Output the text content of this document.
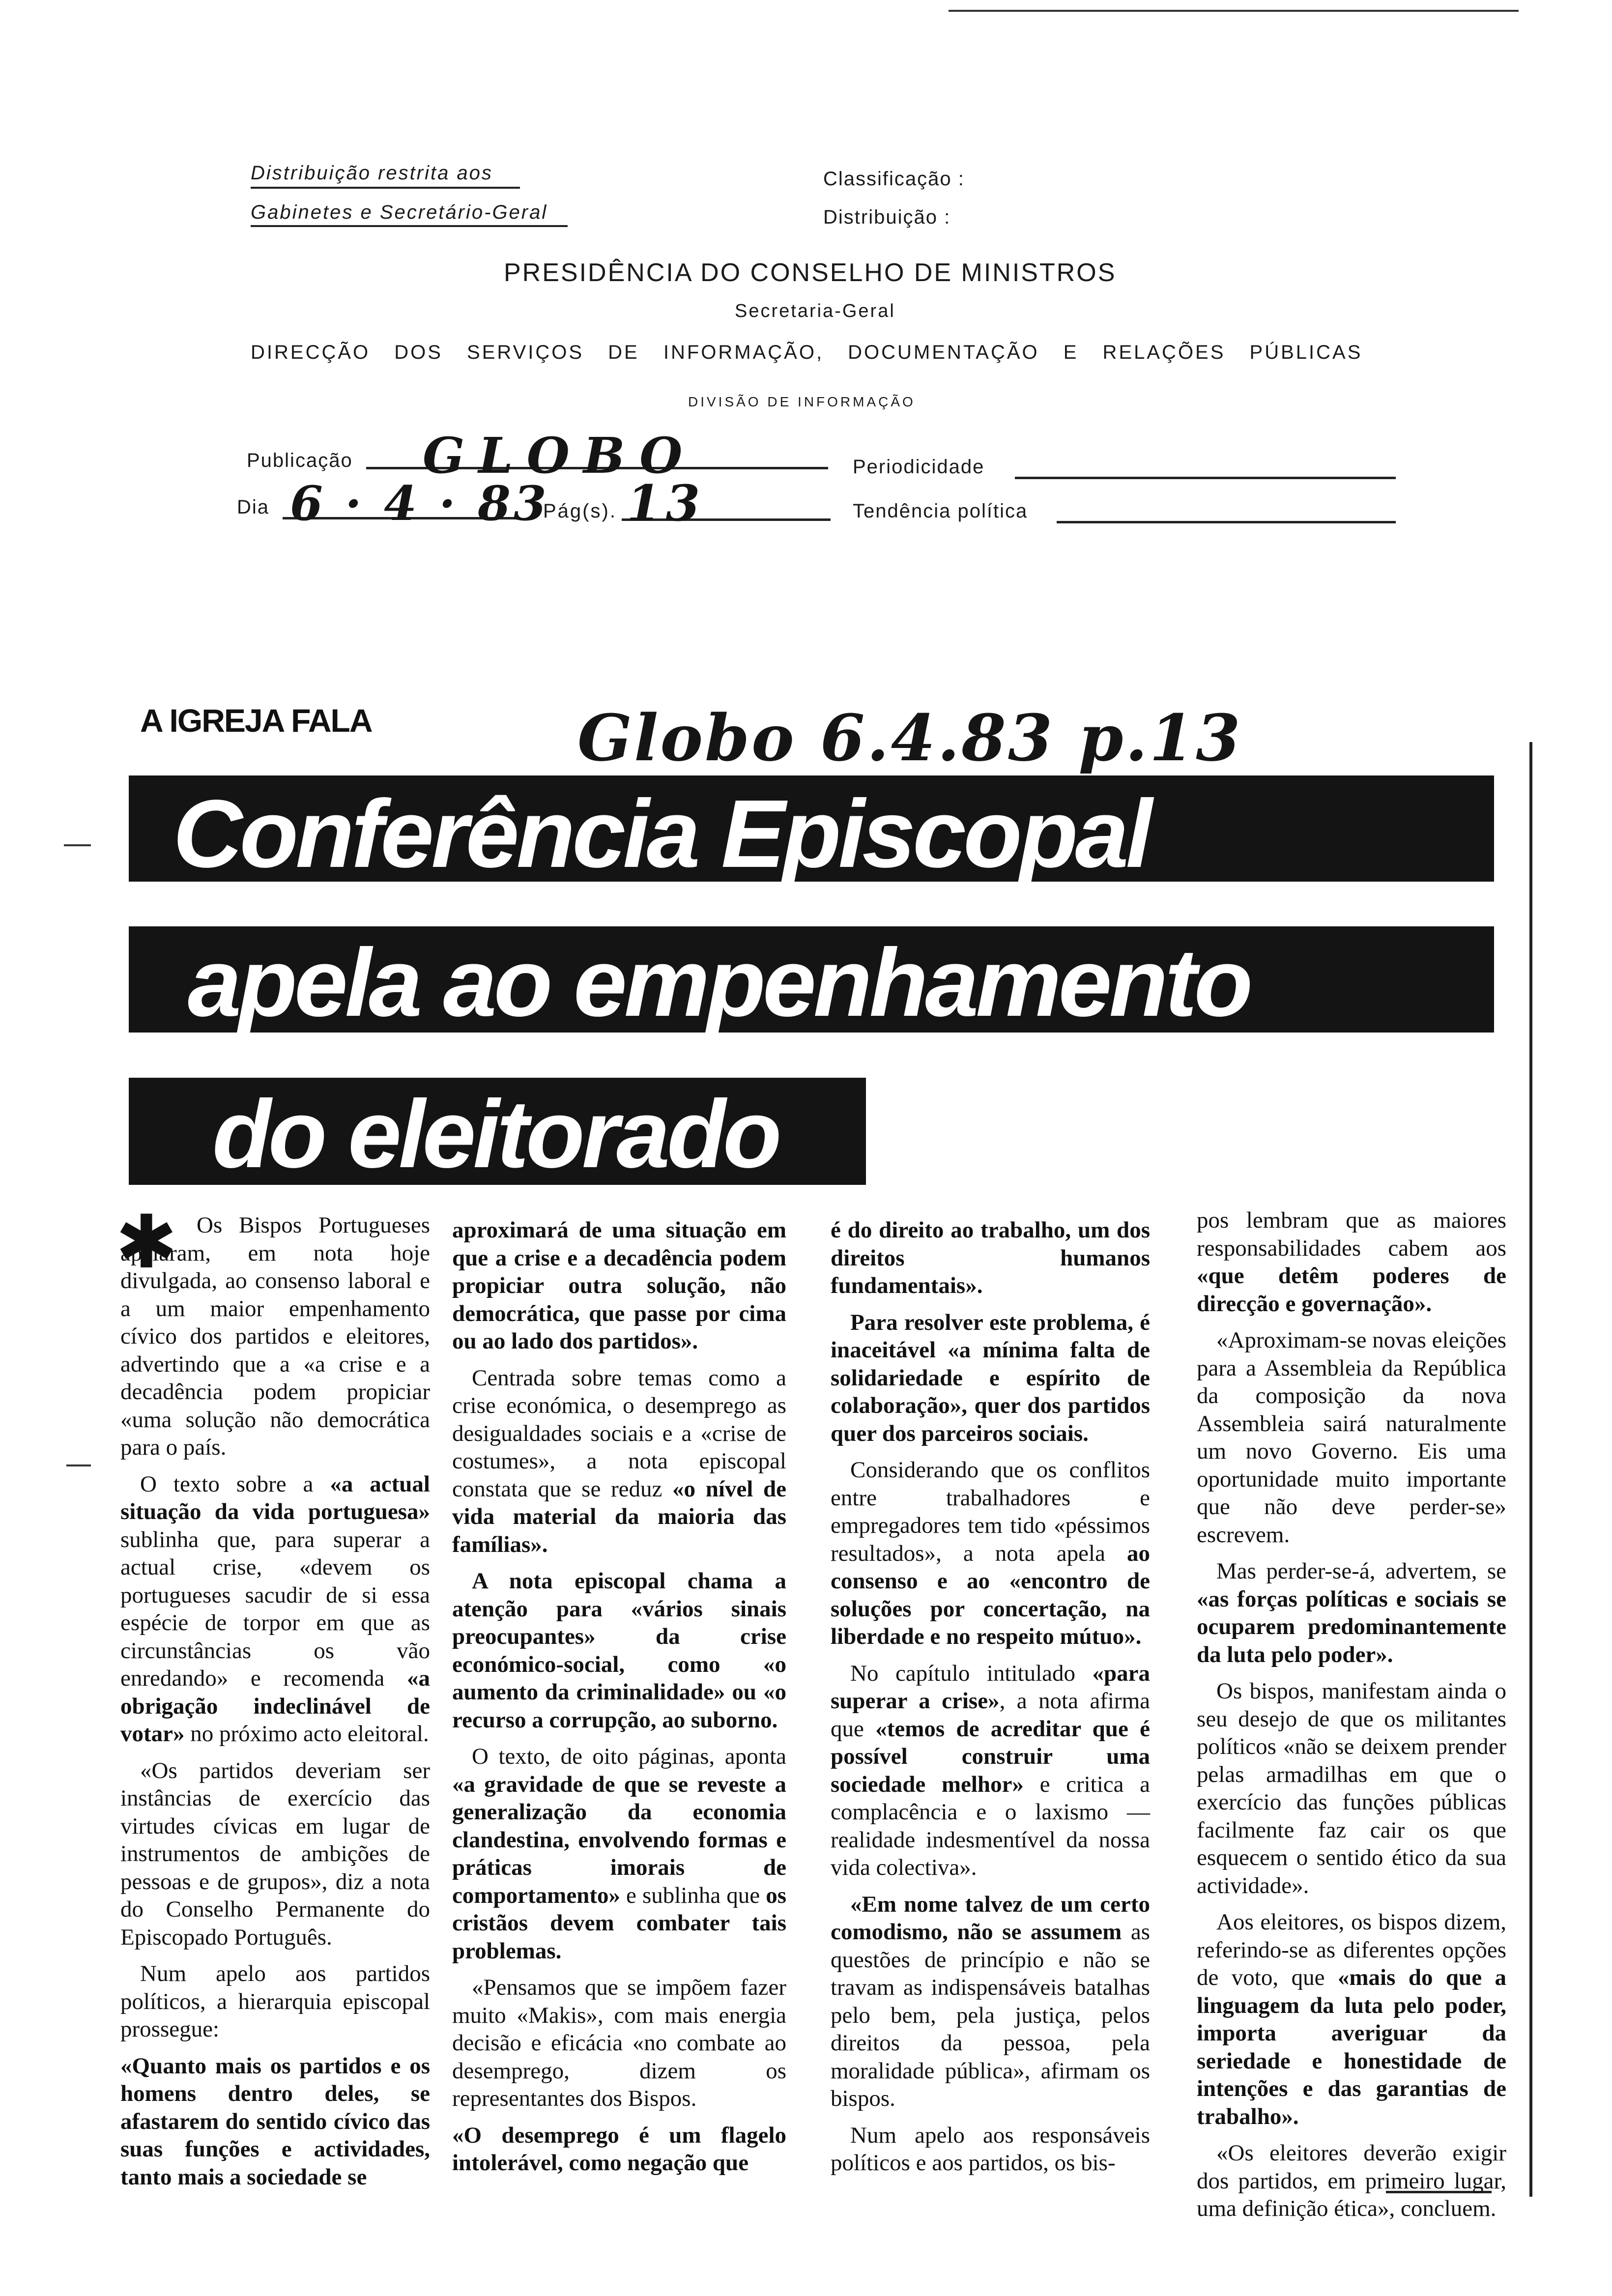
Distribuição restrita aos
Gabinetes e Secretário-Geral
Classificação :
Distribuição :
PRESIDÊNCIA DO CONSELHO DE MINISTROS
Secretaria-Geral
DIRECÇÃO DOS SERVIÇOS DE INFORMAÇÃO, DOCUMENTAÇÃO E RELAÇÕES PÚBLICAS
DIVISÃO DE INFORMAÇÃO
Publicação GLOBO	Periodicidade
Dia 6 · 4 · 83
Pág(s). 13	Tendência política
A IGREJA FALA	Globo 6.4.83 p.13
Conferência Episcopal
apela ao empenhamento
do eleitorado
✱ Os Bispos Portugueses apelaram, em nota hoje divulgada, ao consenso laboral e a um maior empenhamento cívico dos partidos e eleitores, advertindo que a «a crise e a decadência podem propiciar «uma solução não democrática para o país.

O texto sobre a «a actual situação da vida portuguesa» sublinha que, para superar a actual crise, «devem os portugueses sacudir de si essa espécie de torpor em que as circunstâncias os vão enredando» e recomenda «a obrigação indeclinável de votar» no próximo acto eleitoral.

«Os partidos deveriam ser instâncias de exercício das virtudes cívicas em lugar de instrumentos de ambições de pessoas e de grupos», diz a nota do Conselho Permanente do Episcopado Português.

Num apelo aos partidos políticos, a hierarquia episcopal prossegue:

«Quanto mais os partidos e os homens dentro deles, se afastarem do sentido cívico das suas funções e actividades, tanto mais a sociedade se

aproximará de uma situação em que a crise e a decadência podem propiciar outra solução, não democrática, que passe por cima ou ao lado dos partidos».

Centrada sobre temas como a crise económica, o desemprego as desigualdades sociais e a «crise de costumes», a nota episcopal constata que se reduz «o nível de vida material da maioria das famílias».

A nota episcopal chama a atenção para «vários sinais preocupantes» da crise económico-social, como «o aumento da criminalidade» ou «o recurso a corrupção, ao suborno.

O texto, de oito páginas, aponta «a gravidade de que se reveste a generalização da economia clandestina, envolvendo formas e práticas imorais de comportamento» e sublinha que os cristãos devem combater tais problemas.

«Pensamos que se impõem fazer muito «Makis», com mais energia decisão e eficácia «no combate ao desemprego, dizem os representantes dos Bispos.

«O desemprego é um flagelo intolerável, como negação que

é do direito ao trabalho, um dos direitos humanos fundamentais».

Para resolver este problema, é inaceitável «a mínima falta de solidariedade e espírito de colaboração», quer dos partidos quer dos parceiros sociais.

Considerando que os conflitos entre trabalhadores e empregadores tem tido «péssimos resultados», a nota apela ao consenso e ao «encontro de soluções por concertação, na liberdade e no respeito mútuo».

No capítulo intitulado «para superar a crise», a nota afirma que «temos de acreditar que é possível construir uma sociedade melhor» e critica a complacência e o laxismo — realidade indesmentível da nossa vida colectiva».

«Em nome talvez de um certo comodismo, não se assumem as questões de princípio e não se travam as indispensáveis batalhas pelo bem, pela justiça, pelos direitos da pessoa, pela moralidade pública», afirmam os bispos.

Num apelo aos responsáveis políticos e aos partidos, os bis-

pos lembram que as maiores responsabilidades cabem aos «que detêm poderes de direcção e governação».

«Aproximam-se novas eleições para a Assembleia da República da composição da nova Assembleia sairá naturalmente um novo Governo. Eis uma oportunidade muito importante que não deve perder-se» escrevem.

Mas perder-se-á, advertem, se «as forças políticas e sociais se ocuparem predominantemente da luta pelo poder».

Os bispos, manifestam ainda o seu desejo de que os militantes políticos «não se deixem prender pelas armadilhas em que o exercício das funções públicas facilmente faz cair os que esquecem o sentido ético da sua actividade».

Aos eleitores, os bispos dizem, referindo-se as diferentes opções de voto, que «mais do que a linguagem da luta pelo poder, importa averiguar da seriedade e honestidade de intenções e das garantias de trabalho».

«Os eleitores deverão exigir dos partidos, em primeiro lugar, uma definição ética», concluem.
